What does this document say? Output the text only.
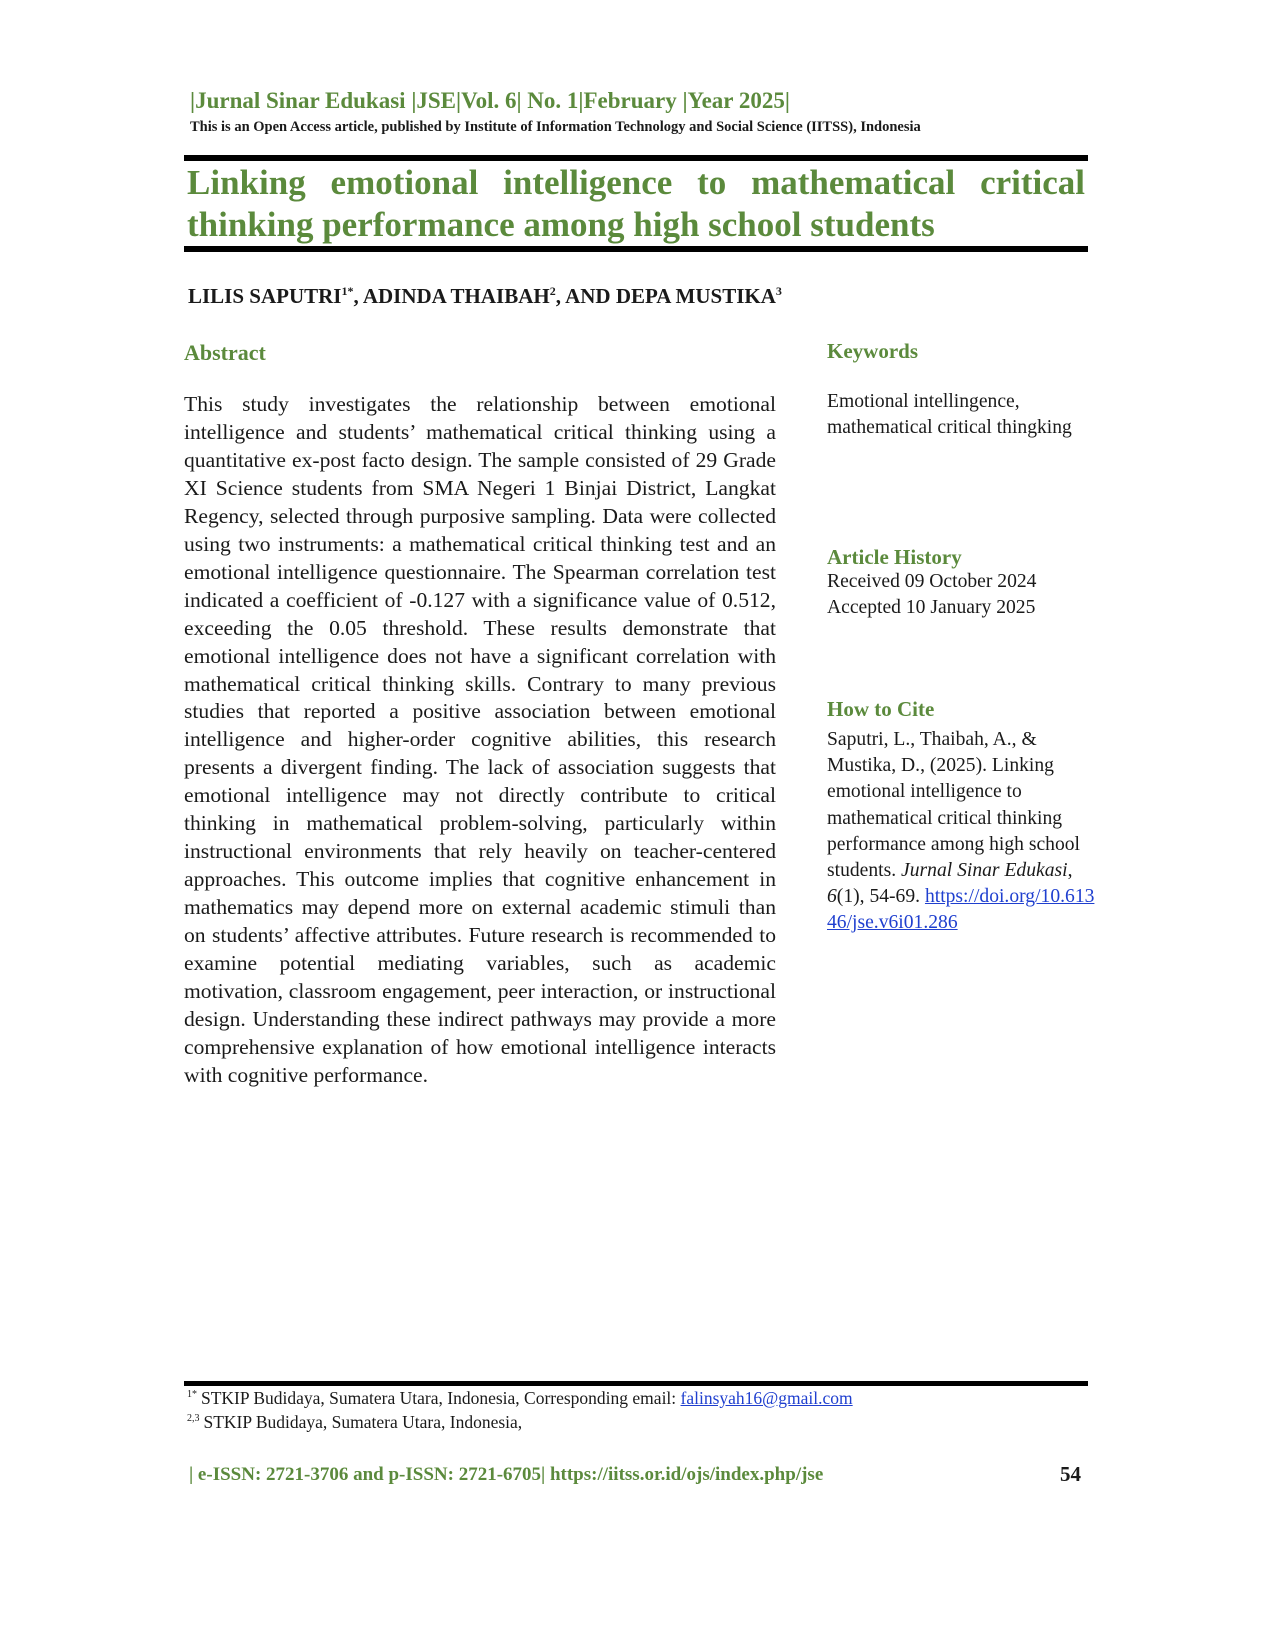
|Jurnal Sinar Edukasi |JSE|Vol. 6| No. 1|February |Year 2025|
This is an Open Access article, published by Institute of Information Technology and Social Science (IITSS), Indonesia
Linking emotional intelligence to mathematical critical thinking performance among high school students
LILIS $SAPUTRI^{1*}$, ADINDA THAIBAH$^2$, AND DEPA MUSTIKA$^3$
Abstract

This study investigates the relationship between emotional intelligence and students’ mathematical critical thinking using a quantitative ex-post facto design. The sample consisted of 29 Grade XI Science students from SMA Negeri 1 Binjai District, Langkat Regency, selected through purposive sampling. Data were collected using two instruments: a mathematical critical thinking test and an emotional intelligence questionnaire. The Spearman correlation test indicated a coefficient of -0.127 with a significance value of 0.512, exceeding the 0.05 threshold. These results demonstrate that emotional intelligence does not have a significant correlation with mathematical critical thinking skills. Contrary to many previous studies that reported a positive association between emotional intelligence and higher-order cognitive abilities, this research presents a divergent finding. The lack of association suggests that emotional intelligence may not directly contribute to critical thinking in mathematical problem-solving, particularly within instructional environments that rely heavily on teacher-centered approaches. This outcome implies that cognitive enhancement in mathematics may depend more on external academic stimuli than on students’ affective attributes. Future research is recommended to examine potential mediating variables, such as academic motivation, classroom engagement, peer interaction, or instructional design. Understanding these indirect pathways may provide a more comprehensive explanation of how emotional intelligence interacts with cognitive performance.

Keywords

Emotional intellingence, mathematical critical thingking

Article History

Received 09 October 2024
Accepted 10 January 2025

How to Cite

Saputri, L., Thaibah, A., & Mustika, D., (2025). Linking emotional intelligence to mathematical critical thinking performance among high school students. Jurnal Sinar Edukasi, 6(1), 54-69. https://doi.org/10.61346/jse.v6i01.286

$^{1*}$ STKIP Budidaya, Sumatera Utara, Indonesia, Corresponding email: falinsyah16@gmail.com
$^{2,3}$ STKIP Budidaya, Sumatera Utara, Indonesia,
| e-ISSN: 2721-3706 and p-ISSN: 2721-6705| https://iitss.or.id/ojs/index.php/jse	54
